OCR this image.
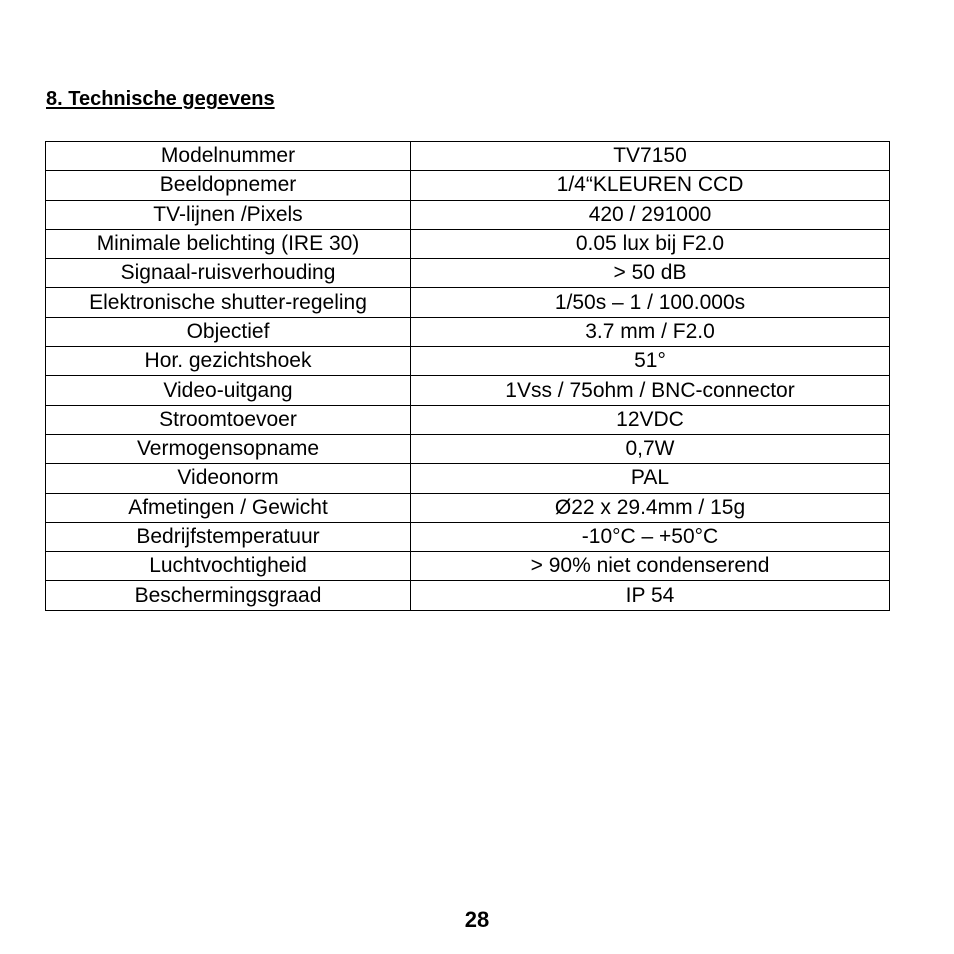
8. Technische gegevens
Modelnummer	TV7150
Beeldopnemer	1/4“KLEUREN CCD
TV-lijnen /Pixels	420 / 291000
Minimale belichting (IRE 30)	0.05 lux bij F2.0
Signaal-ruisverhouding	> 50 dB
Elektronische shutter-regeling	1/50s – 1 / 100.000s
Objectief	3.7 mm / F2.0
Hor. gezichtshoek	51°
Video-uitgang	1Vss / 75ohm / BNC-connector
Stroomtoevoer	12VDC
Vermogensopname	0,7W
Videonorm	PAL
Afmetingen / Gewicht	Ø22 x 29.4mm / 15g
Bedrijfstemperatuur	-10°C – +50°C
Luchtvochtigheid	> 90% niet condenserend
Beschermingsgraad	IP 54
28
